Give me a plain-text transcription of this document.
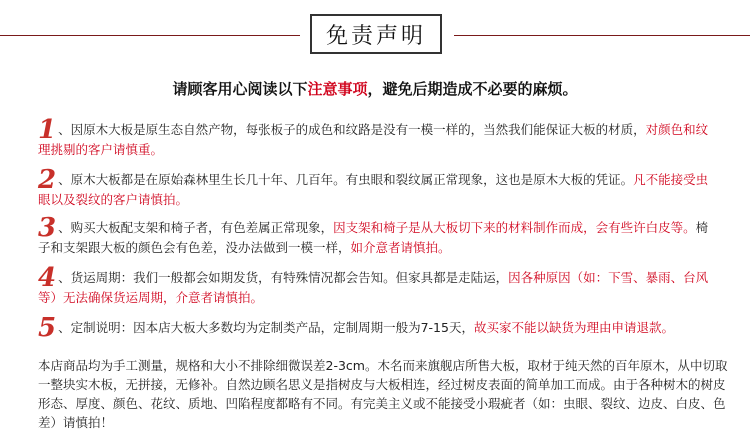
免责声明
请顾客用心阅读以下注意事项，避免后期造成不必要的麻烦。
1 、因原木大板是原生态自然产物，每张板子的成色和纹路是没有一模一样的，当然我们能保证大板的材质，对颜色和纹理挑剔的客户请慎重。
2 、原木大板都是在原始森林里生长几十年、几百年。有虫眼和裂纹属正常现象，这也是原木大板的凭证。凡不能接受虫眼以及裂纹的客户请慎拍。
3 、购买大板配支架和椅子者，有色差属正常现象，因支架和椅子是从大板切下来的材料制作而成，会有些许白皮等。椅子和支架跟大板的颜色会有色差，没办法做到一模一样，如介意者请慎拍。
4 、货运周期：我们一般都会如期发货，有特殊情况都会告知。但家具都是走陆运，因各种原因（如：下雪、暴雨、台风等）无法确保货运周期，介意者请慎拍。
5 、定制说明：因本店大板大多数均为定制类产品，定制周期一般为7-15天，故买家不能以缺货为理由申请退款。
本店商品均为手工测量，规格和大小不排除细微误差2-3cm。木名而来旗舰店所售大板，取材于纯天然的百年原木，从中切取一整块实木板，无拼接，无修补。自然边顾名思义是指树皮与大板相连，经过树皮表面的简单加工而成。由于各种树木的树皮形态、厚度、颜色、花纹、质地、凹陷程度都略有不同。有完美主义或不能接受小瑕疵者（如：虫眼、裂纹、边皮、白皮、色差）请慎拍！
